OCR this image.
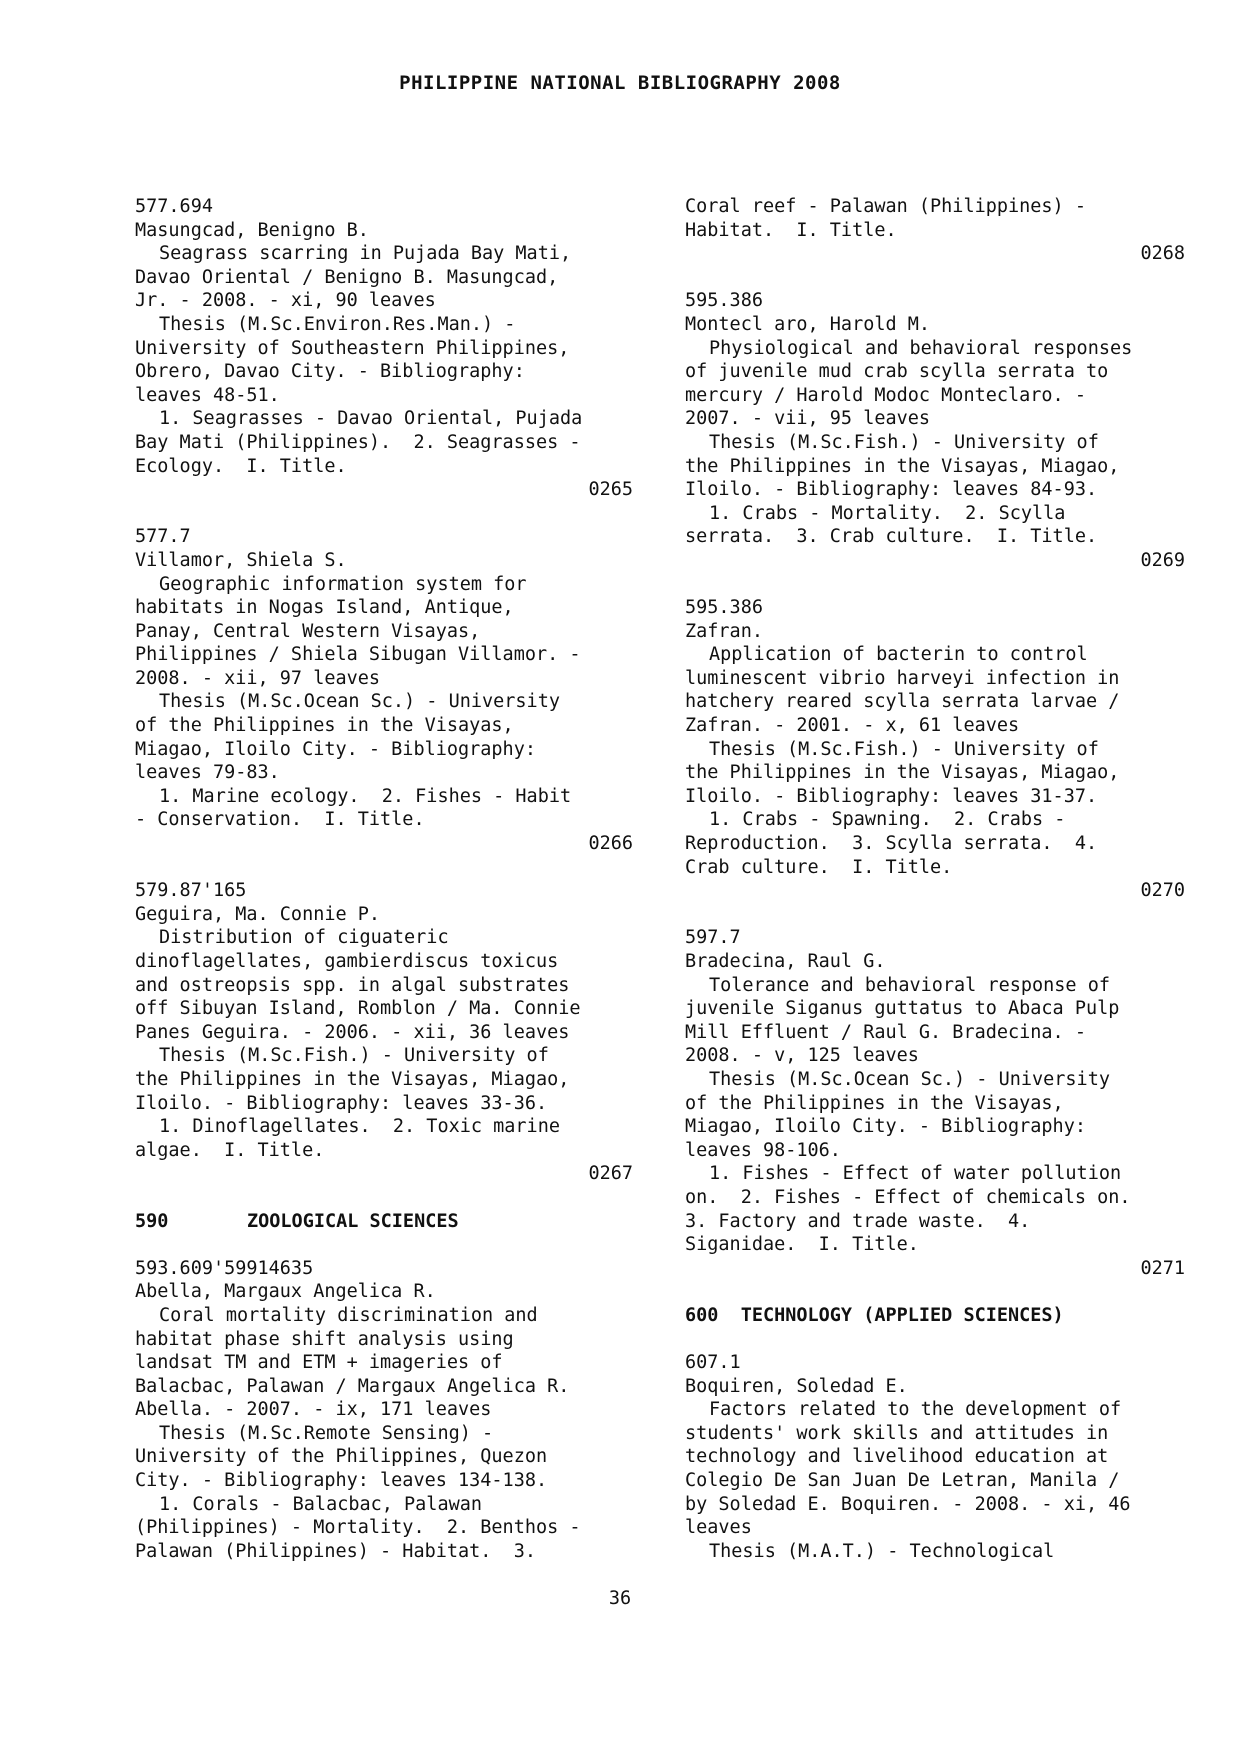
PHILIPPINE NATIONAL BIBLIOGRAPHY 2008
577.694
Masungcad, Benigno B.
Seagrass scarring in Pujada Bay Mati,
Davao Oriental / Benigno B. Masungcad,
Jr. - 2008. - xi, 90 leaves
Thesis (M.Sc.Environ.Res.Man.) -
University of Southeastern Philippines,
Obrero, Davao City. - Bibliography:
leaves 48-51.
1. Seagrasses - Davao Oriental, Pujada
Bay Mati (Philippines).  2. Seagrasses -
Ecology.  I. Title.
0265
577.7
Villamor, Shiela S.
Geographic information system for
habitats in Nogas Island, Antique,
Panay, Central Western Visayas,
Philippines / Shiela Sibugan Villamor. -
2008. - xii, 97 leaves
Thesis (M.Sc.Ocean Sc.) - University
of the Philippines in the Visayas,
Miagao, Iloilo City. - Bibliography:
leaves 79-83.
1. Marine ecology.  2. Fishes - Habit
- Conservation.  I. Title.
0266
579.87'165
Geguira, Ma. Connie P.
Distribution of ciguateric
dinoflagellates, gambierdiscus toxicus
and ostreopsis spp. in algal substrates
off Sibuyan Island, Romblon / Ma. Connie
Panes Geguira. - 2006. - xii, 36 leaves
Thesis (M.Sc.Fish.) - University of
the Philippines in the Visayas, Miagao,
Iloilo. - Bibliography: leaves 33-36.
1. Dinoflagellates.  2. Toxic marine
algae.  I. Title.
0267
590	ZOOLOGICAL SCIENCES
593.609'59914635
Abella, Margaux Angelica R.
Coral mortality discrimination and
habitat phase shift analysis using
landsat TM and ETM + imageries of
Balacbac, Palawan / Margaux Angelica R.
Abella. - 2007. - ix, 171 leaves
Thesis (M.Sc.Remote Sensing) -
University of the Philippines, Quezon
City. - Bibliography: leaves 134-138.
1. Corals - Balacbac, Palawan
(Philippines) - Mortality.  2. Benthos -
Palawan (Philippines) - Habitat.  3.
Coral reef - Palawan (Philippines) -
Habitat.  I. Title.
0268
595.386
Montecl aro, Harold M.
Physiological and behavioral responses
of juvenile mud crab scylla serrata to
mercury / Harold Modoc Monteclaro. -
2007. - vii, 95 leaves
Thesis (M.Sc.Fish.) - University of
the Philippines in the Visayas, Miagao,
Iloilo. - Bibliography: leaves 84-93.
1. Crabs - Mortality.  2. Scylla
serrata.  3. Crab culture.  I. Title.
0269
595.386
Zafran.
Application of bacterin to control
luminescent vibrio harveyi infection in
hatchery reared scylla serrata larvae /
Zafran. - 2001. - x, 61 leaves
Thesis (M.Sc.Fish.) - University of
the Philippines in the Visayas, Miagao,
Iloilo. - Bibliography: leaves 31-37.
1. Crabs - Spawning.  2. Crabs -
Reproduction.  3. Scylla serrata.  4.
Crab culture.  I. Title.
0270
597.7
Bradecina, Raul G.
Tolerance and behavioral response of
juvenile Siganus guttatus to Abaca Pulp
Mill Effluent / Raul G. Bradecina. -
2008. - v, 125 leaves
Thesis (M.Sc.Ocean Sc.) - University
of the Philippines in the Visayas,
Miagao, Iloilo City. - Bibliography:
leaves 98-106.
1. Fishes - Effect of water pollution
on.  2. Fishes - Effect of chemicals on.
3. Factory and trade waste.  4.
Siganidae.  I. Title.
0271
600  TECHNOLOGY (APPLIED SCIENCES)
607.1
Boquiren, Soledad E.
Factors related to the development of
students' work skills and attitudes in
technology and livelihood education at
Colegio De San Juan De Letran, Manila /
by Soledad E. Boquiren. - 2008. - xi, 46
leaves
Thesis (M.A.T.) - Technological
36
